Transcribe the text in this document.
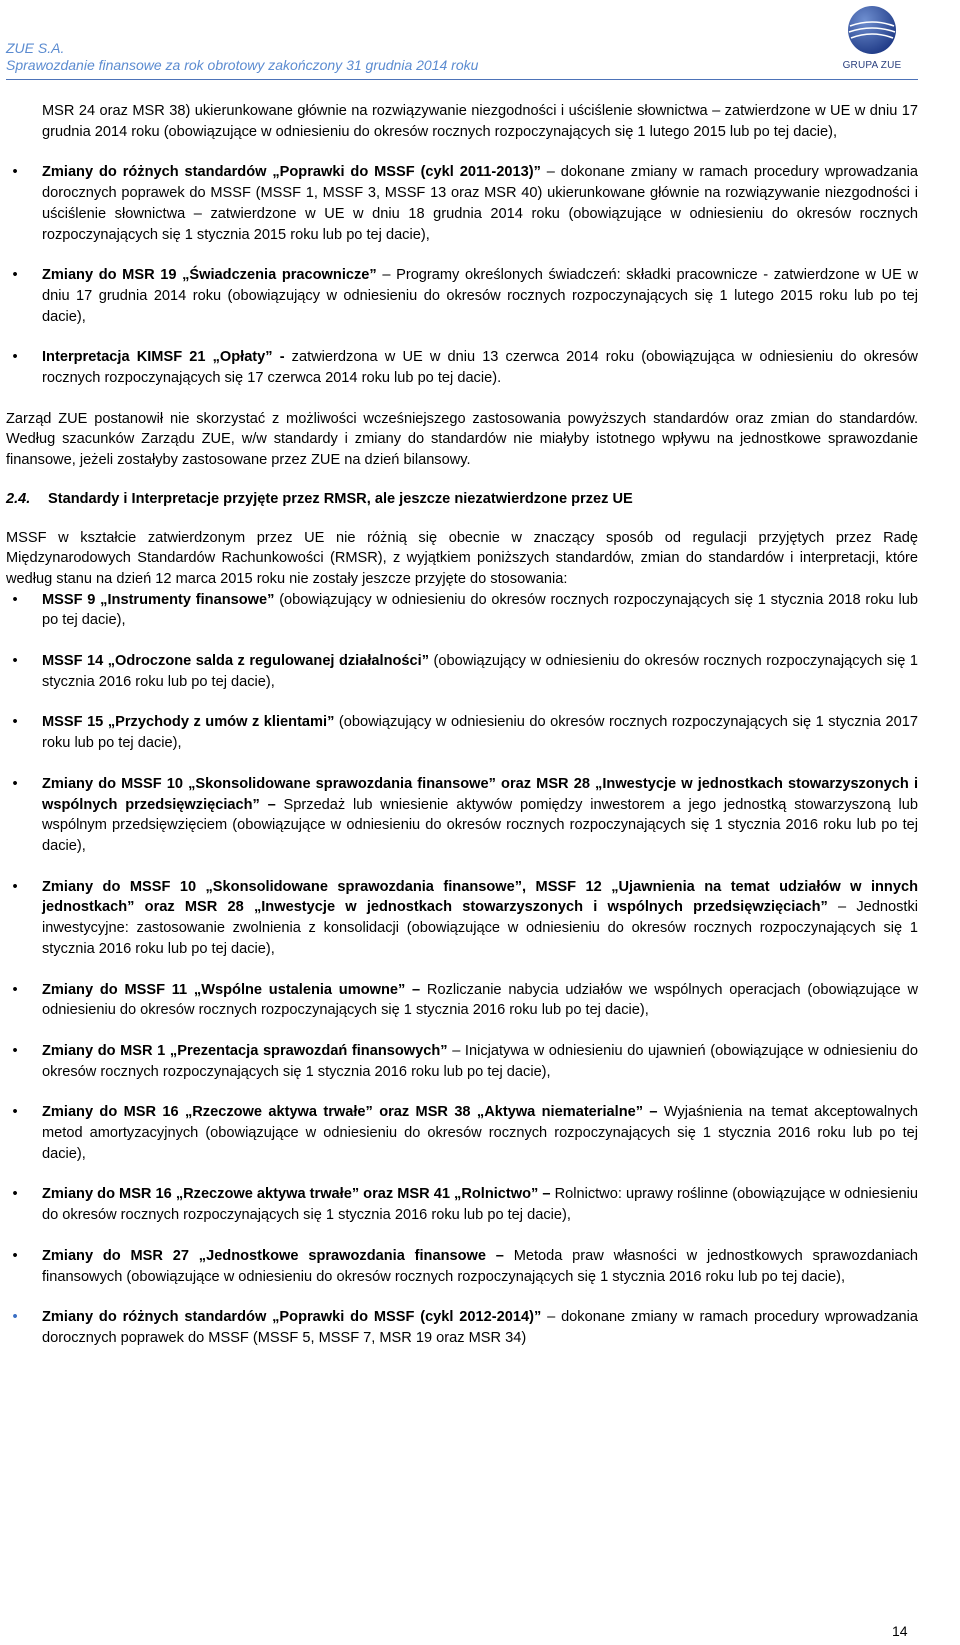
ZUE S.A.
Sprawozdanie finansowe za rok obrotowy zakończony 31 grudnia 2014 roku	GRUPA ZUE
MSR 24 oraz MSR 38) ukierunkowane głównie na rozwiązywanie niezgodności i uściślenie słownictwa – zatwierdzone w UE w dniu 17 grudnia 2014 roku (obowiązujące w odniesieniu do okresów rocznych rozpoczynających się 1 lutego 2015 lub po tej dacie),
•	Zmiany do różnych standardów „Poprawki do MSSF (cykl 2011-2013)” – dokonane zmiany w ramach procedury wprowadzania dorocznych poprawek do MSSF (MSSF 1, MSSF 3, MSSF 13 oraz MSR 40) ukierunkowane głównie na rozwiązywanie niezgodności i uściślenie słownictwa – zatwierdzone w UE w dniu 18 grudnia 2014 roku (obowiązujące w odniesieniu do okresów rocznych rozpoczynających się 1 stycznia 2015 roku lub po tej dacie),
•	Zmiany do MSR 19 „Świadczenia pracownicze” – Programy określonych świadczeń: składki pracownicze - zatwierdzone w UE w dniu 17 grudnia 2014 roku (obowiązujący w odniesieniu do okresów rocznych rozpoczynających się 1 lutego 2015 roku lub po tej dacie),
•	Interpretacja KIMSF 21 „Opłaty” - zatwierdzona w UE w dniu 13 czerwca 2014 roku (obowiązująca w odniesieniu do okresów rocznych rozpoczynających się 17 czerwca 2014 roku lub po tej dacie).
Zarząd ZUE postanowił nie skorzystać z możliwości wcześniejszego zastosowania powyższych standardów oraz zmian do standardów. Według szacunków Zarządu ZUE, w/w standardy i zmiany do standardów nie miałyby istotnego wpływu na jednostkowe sprawozdanie finansowe, jeżeli zostałyby zastosowane przez ZUE na dzień bilansowy.
2.4. Standardy i Interpretacje przyjęte przez RMSR, ale jeszcze niezatwierdzone przez UE
MSSF w kształcie zatwierdzonym przez UE nie różnią się obecnie w znaczący sposób od regulacji przyjętych przez Radę Międzynarodowych Standardów Rachunkowości (RMSR), z wyjątkiem poniższych standardów, zmian do standardów i interpretacji, które według stanu na dzień 12 marca 2015 roku nie zostały jeszcze przyjęte do stosowania:
•	MSSF 9 „Instrumenty finansowe” (obowiązujący w odniesieniu do okresów rocznych rozpoczynających się 1 stycznia 2018 roku lub po tej dacie),
•	MSSF 14 „Odroczone salda z regulowanej działalności” (obowiązujący w odniesieniu do okresów rocznych rozpoczynających się 1 stycznia 2016 roku lub po tej dacie),
•	MSSF 15 „Przychody z umów z klientami” (obowiązujący w odniesieniu do okresów rocznych rozpoczynających się 1 stycznia 2017 roku lub po tej dacie),
•	Zmiany do MSSF 10 „Skonsolidowane sprawozdania finansowe” oraz MSR 28 „Inwestycje w jednostkach stowarzyszonych i wspólnych przedsięwzięciach” – Sprzedaż lub wniesienie aktywów pomiędzy inwestorem a jego jednostką stowarzyszoną lub wspólnym przedsięwzięciem (obowiązujące w odniesieniu do okresów rocznych rozpoczynających się 1 stycznia 2016 roku lub po tej dacie),
•	Zmiany do MSSF 10 „Skonsolidowane sprawozdania finansowe”, MSSF 12 „Ujawnienia na temat udziałów w innych jednostkach” oraz MSR 28 „Inwestycje w jednostkach stowarzyszonych i wspólnych przedsięwzięciach” – Jednostki inwestycyjne: zastosowanie zwolnienia z konsolidacji (obowiązujące w odniesieniu do okresów rocznych rozpoczynających się 1 stycznia 2016 roku lub po tej dacie),
•	Zmiany do MSSF 11 „Wspólne ustalenia umowne” – Rozliczanie nabycia udziałów we wspólnych operacjach (obowiązujące w odniesieniu do okresów rocznych rozpoczynających się 1 stycznia 2016 roku lub po tej dacie),
•	Zmiany do MSR 1 „Prezentacja sprawozdań finansowych” – Inicjatywa w odniesieniu do ujawnień (obowiązujące w odniesieniu do okresów rocznych rozpoczynających się 1 stycznia 2016 roku lub po tej dacie),
•	Zmiany do MSR 16 „Rzeczowe aktywa trwałe” oraz MSR 38 „Aktywa niematerialne” – Wyjaśnienia na temat akceptowalnych metod amortyzacyjnych (obowiązujące w odniesieniu do okresów rocznych rozpoczynających się 1 stycznia 2016 roku lub po tej dacie),
•	Zmiany do MSR 16 „Rzeczowe aktywa trwałe” oraz MSR 41 „Rolnictwo” – Rolnictwo: uprawy roślinne (obowiązujące w odniesieniu do okresów rocznych rozpoczynających się 1 stycznia 2016 roku lub po tej dacie),
•	Zmiany do MSR 27 „Jednostkowe sprawozdania finansowe – Metoda praw własności w jednostkowych sprawozdaniach finansowych (obowiązujące w odniesieniu do okresów rocznych rozpoczynających się 1 stycznia 2016 roku lub po tej dacie),
•	Zmiany do różnych standardów „Poprawki do MSSF (cykl 2012-2014)” – dokonane zmiany w ramach procedury wprowadzania dorocznych poprawek do MSSF (MSSF 5, MSSF 7, MSR 19 oraz MSR 34)
14
